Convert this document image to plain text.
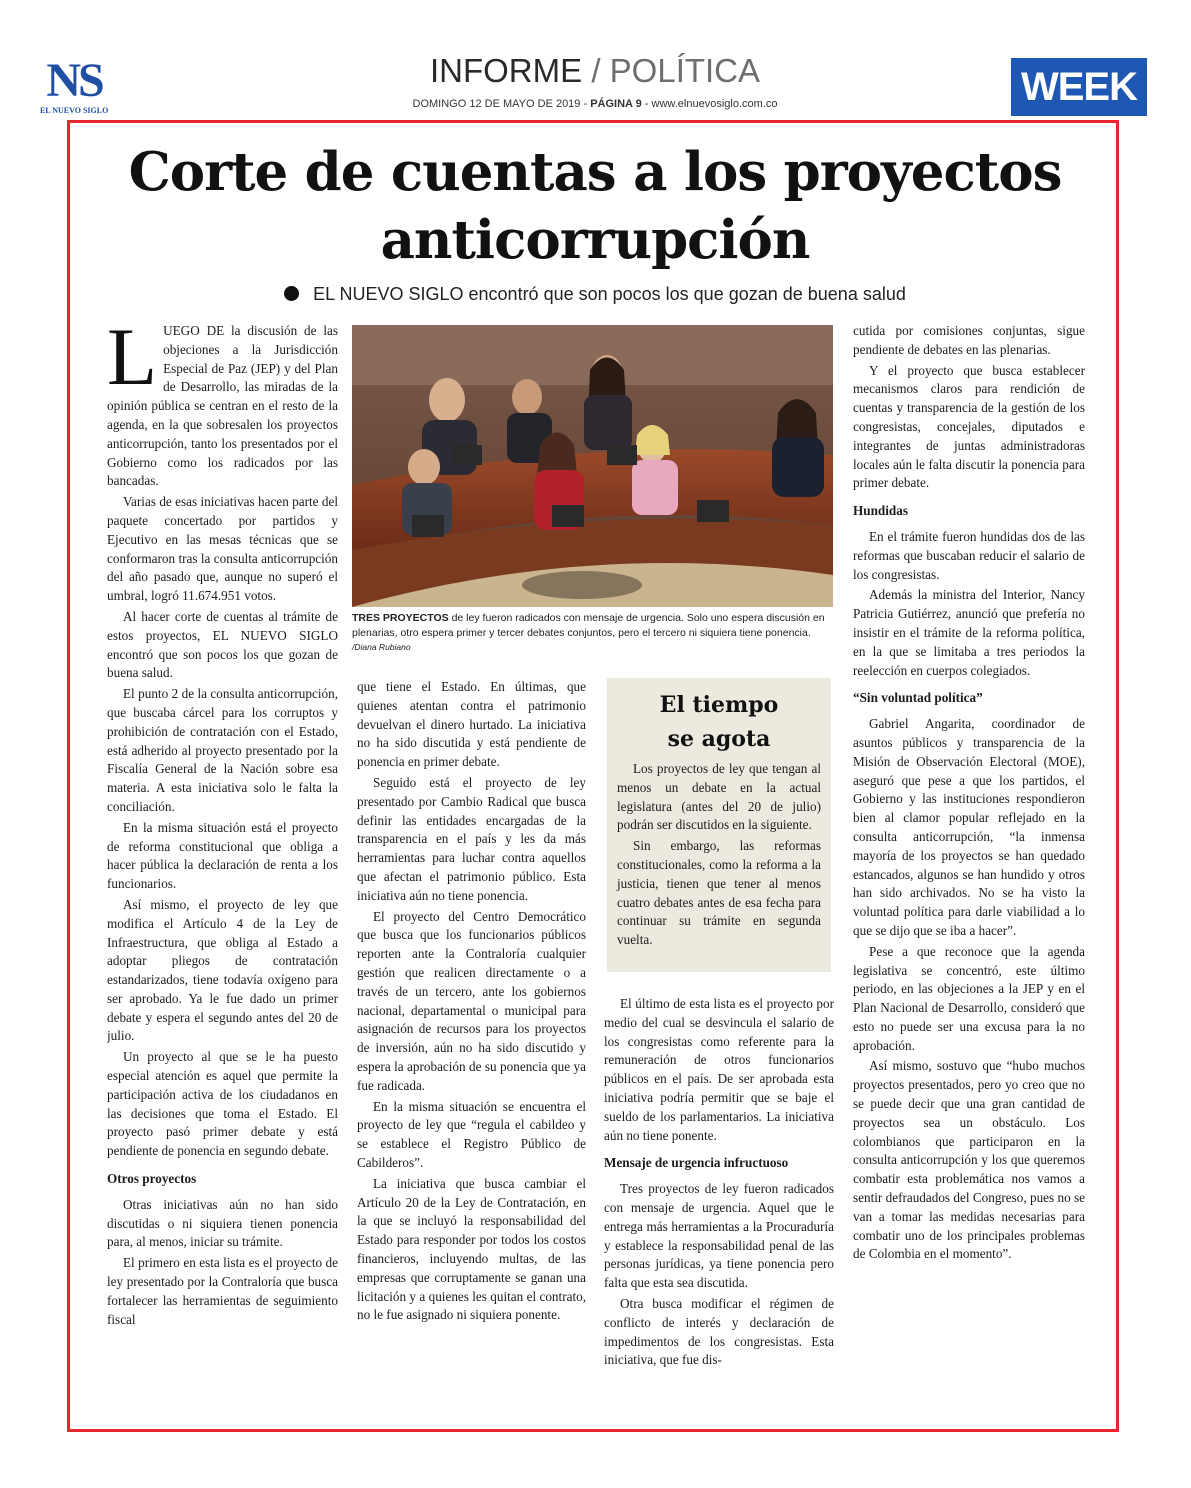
NS
EL NUEVO SIGLO
INFORME / POLÍTICA
DOMINGO 12 DE MAYO DE 2019 - PÁGINA 9 - www.elnuevosiglo.com.co	WEEK
Corte de cuentas a los proyectos anticorrupción
EL NUEVO SIGLO encontró que son pocos los que gozan de buena salud
L UEGO DE la discusión de las objeciones a la Jurisdicción Especial de Paz (JEP) y del Plan de Desarrollo, las miradas de la opinión pública se centran en el resto de la agenda, en la que sobresalen los proyectos anticorrupción, tanto los presentados por el Gobierno como los radicados por las bancadas.

Varias de esas iniciativas hacen parte del paquete concertado por partidos y Ejecutivo en las mesas técnicas que se conformaron tras la consulta anticorrupción del año pasado que, aunque no superó el umbral, logró 11.674.951 votos.

Al hacer corte de cuentas al trámite de estos proyectos, EL NUEVO SIGLO encontró que son pocos los que gozan de buena salud.

El punto 2 de la consulta anticorrupción, que buscaba cárcel para los corruptos y prohibición de contratación con el Estado, está adherido al proyecto presentado por la Fiscalía General de la Nación sobre esa materia. A esta iniciativa solo le falta la conciliación.

En la misma situación está el proyecto de reforma constitucional que obliga a hacer pública la declaración de renta a los funcionarios.

Así mismo, el proyecto de ley que modifica el Artículo 4 de la Ley de Infraestructura, que obliga al Estado a adoptar pliegos de contratación estandarizados, tiene todavía oxígeno para ser aprobado. Ya le fue dado un primer debate y espera el segundo antes del 20 de julio.

Un proyecto al que se le ha puesto especial atención es aquel que permite la participación activa de los ciudadanos en las decisiones que toma el Estado. El proyecto pasó primer debate y está pendiente de ponencia en segundo debate.

Otros proyectos

Otras iniciativas aún no han sido discutidas o ni siquiera tienen ponencia para, al menos, iniciar su trámite.

El primero en esta lista es el proyecto de ley presentado por la Contraloría que busca fortalecer las herramientas de seguimiento fiscal

TRES PROYECTOS de ley fueron radicados con mensaje de urgencia. Solo uno espera discusión en plenarias, otro espera primer y tercer debates conjuntos, pero el tercero ni siquiera tiene ponencia. /Diana Rubiano

que tiene el Estado. En últimas, que quienes atentan contra el patrimonio devuelvan el dinero hurtado. La iniciativa no ha sido discutida y está pendiente de ponencia en primer debate.

Seguido está el proyecto de ley presentado por Cambio Radical que busca definir las entidades encargadas de la transparencia en el país y les da más herramientas para luchar contra aquellos que afectan el patrimonio público. Esta iniciativa aún no tiene ponencia.

El proyecto del Centro Democrático que busca que los funcionarios públicos reporten ante la Contraloría cualquier gestión que realicen directamente o a través de un tercero, ante los gobiernos nacional, departamental o municipal para asignación de recursos para los proyectos de inversión, aún no ha sido discutido y espera la aprobación de su ponencia que ya fue radicada.

En la misma situación se encuentra el proyecto de ley que “regula el cabildeo y se establece el Registro Público de Cabilderos”.

La iniciativa que busca cambiar el Artículo 20 de la Ley de Contratación, en la que se incluyó la responsabilidad del Estado para responder por todos los costos financieros, incluyendo multas, de las empresas que corruptamente se ganan una licitación y a quienes les quitan el contrato, no le fue asignado ni siquiera ponente.

El tiempo
se agota

Los proyectos de ley que tengan al menos un debate en la actual legislatura (antes del 20 de julio) podrán ser discutidos en la siguiente.

Sin embargo, las reformas constitucionales, como la reforma a la justicia, tienen que tener al menos cuatro debates antes de esa fecha para continuar su trámite en segunda vuelta.

El último de esta lista es el proyecto por medio del cual se desvincula el salario de los congresistas como referente para la remuneración de otros funcionarios públicos en el país. De ser aprobada esta iniciativa podría permitir que se baje el sueldo de los parlamentarios. La iniciativa aún no tiene ponente.

Mensaje de urgencia infructuoso

Tres proyectos de ley fueron radicados con mensaje de urgencia. Aquel que le entrega más herramientas a la Procuraduría y establece la responsabilidad penal de las personas jurídicas, ya tiene ponencia pero falta que esta sea discutida.

Otra busca modificar el régimen de conflicto de interés y declaración de impedimentos de los congresistas. Esta iniciativa, que fue dis-

cutida por comisiones conjuntas, sigue pendiente de debates en las plenarias.

Y el proyecto que busca establecer mecanismos claros para rendición de cuentas y transparencia de la gestión de los congresistas, concejales, diputados e integrantes de juntas administradoras locales aún le falta discutir la ponencia para primer debate.

Hundidas

En el trámite fueron hundidas dos de las reformas que buscaban reducir el salario de los congresistas.

Además la ministra del Interior, Nancy Patricia Gutiérrez, anunció que prefería no insistir en el trámite de la reforma política, en la que se limitaba a tres periodos la reelección en cuerpos colegiados.

“Sin voluntad política”

Gabriel Angarita, coordinador de asuntos públicos y transparencia de la Misión de Observación Electoral (MOE), aseguró que pese a que los partidos, el Gobierno y las instituciones respondieron bien al clamor popular reflejado en la consulta anticorrupción, “la inmensa mayoría de los proyectos se han quedado estancados, algunos se han hundido y otros han sido archivados. No se ha visto la voluntad política para darle viabilidad a lo que se dijo que se iba a hacer”.

Pese a que reconoce que la agenda legislativa se concentró, este último periodo, en las objeciones a la JEP y en el Plan Nacional de Desarrollo, consideró que esto no puede ser una excusa para la no aprobación.

Así mismo, sostuvo que “hubo muchos proyectos presentados, pero yo creo que no se puede decir que una gran cantidad de proyectos sea un obstáculo. Los colombianos que participaron en la consulta anticorrupción y los que queremos combatir esta problemática nos vamos a sentir defraudados del Congreso, pues no se van a tomar las medidas necesarias para combatir uno de los principales problemas de Colombia en el momento”.
